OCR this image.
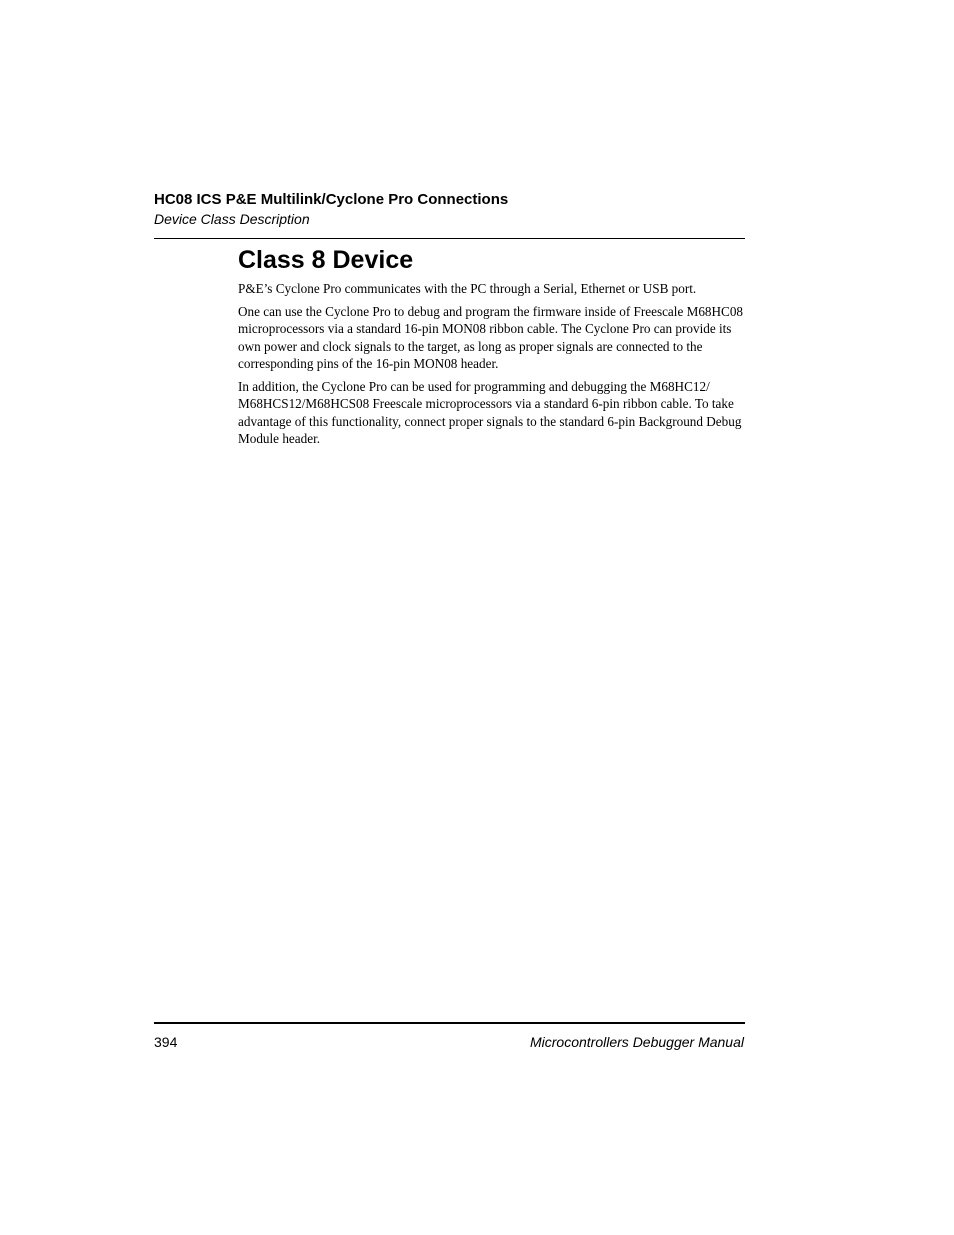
HC08 ICS P&E Multilink/Cyclone Pro Connections
Device Class Description
Class 8 Device

P&E’s Cyclone Pro communicates with the PC through a Serial, Ethernet or USB port.

One can use the Cyclone Pro to debug and program the firmware inside of Freescale M68HC08 microprocessors via a standard 16-pin MON08 ribbon cable. The Cyclone Pro can provide its own power and clock signals to the target, as long as proper signals are connected to the corresponding pins of the 16-pin MON08 header.

In addition, the Cyclone Pro can be used for programming and debugging the M68HC12/ M68HCS12/M68HCS08 Freescale microprocessors via a standard 6-pin ribbon cable. To take advantage of this functionality, connect proper signals to the standard 6-pin Background Debug Module header.

394	Microcontrollers Debugger Manual
